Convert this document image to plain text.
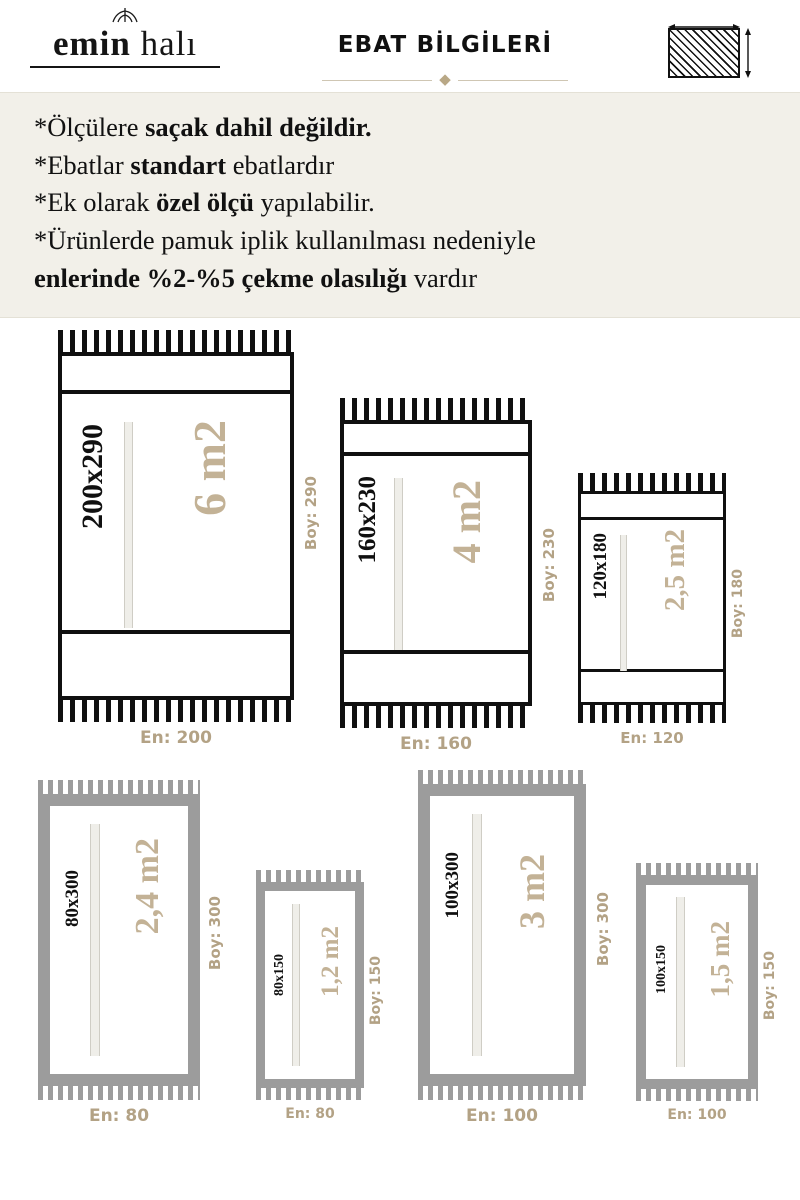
emin halı	EBAT BİLGİLERİ
◆
*Ölçülere saçak dahil değildir.
*Ebatlar standart ebatlardır
*Ek olarak özel ölçü yapılabilir.
*Ürünlerde pamuk iplik kullanılması nedeniyle
enlerinde %2-%5 çekme olasılığı vardır
200x290 6 m2	Boy: 290
En: 200
160x230 4 m2
Boy: 230
En: 160
120x180 2,5 m2	Boy: 180
En: 120
80x300 2,4 m2	Boy: 300
En: 80
80x150 1,2 m2 Boy: 150
En: 80
100x300 3 m2
Boy: 300
En: 100
100x150 1,5 m2 Boy: 150
En: 100
